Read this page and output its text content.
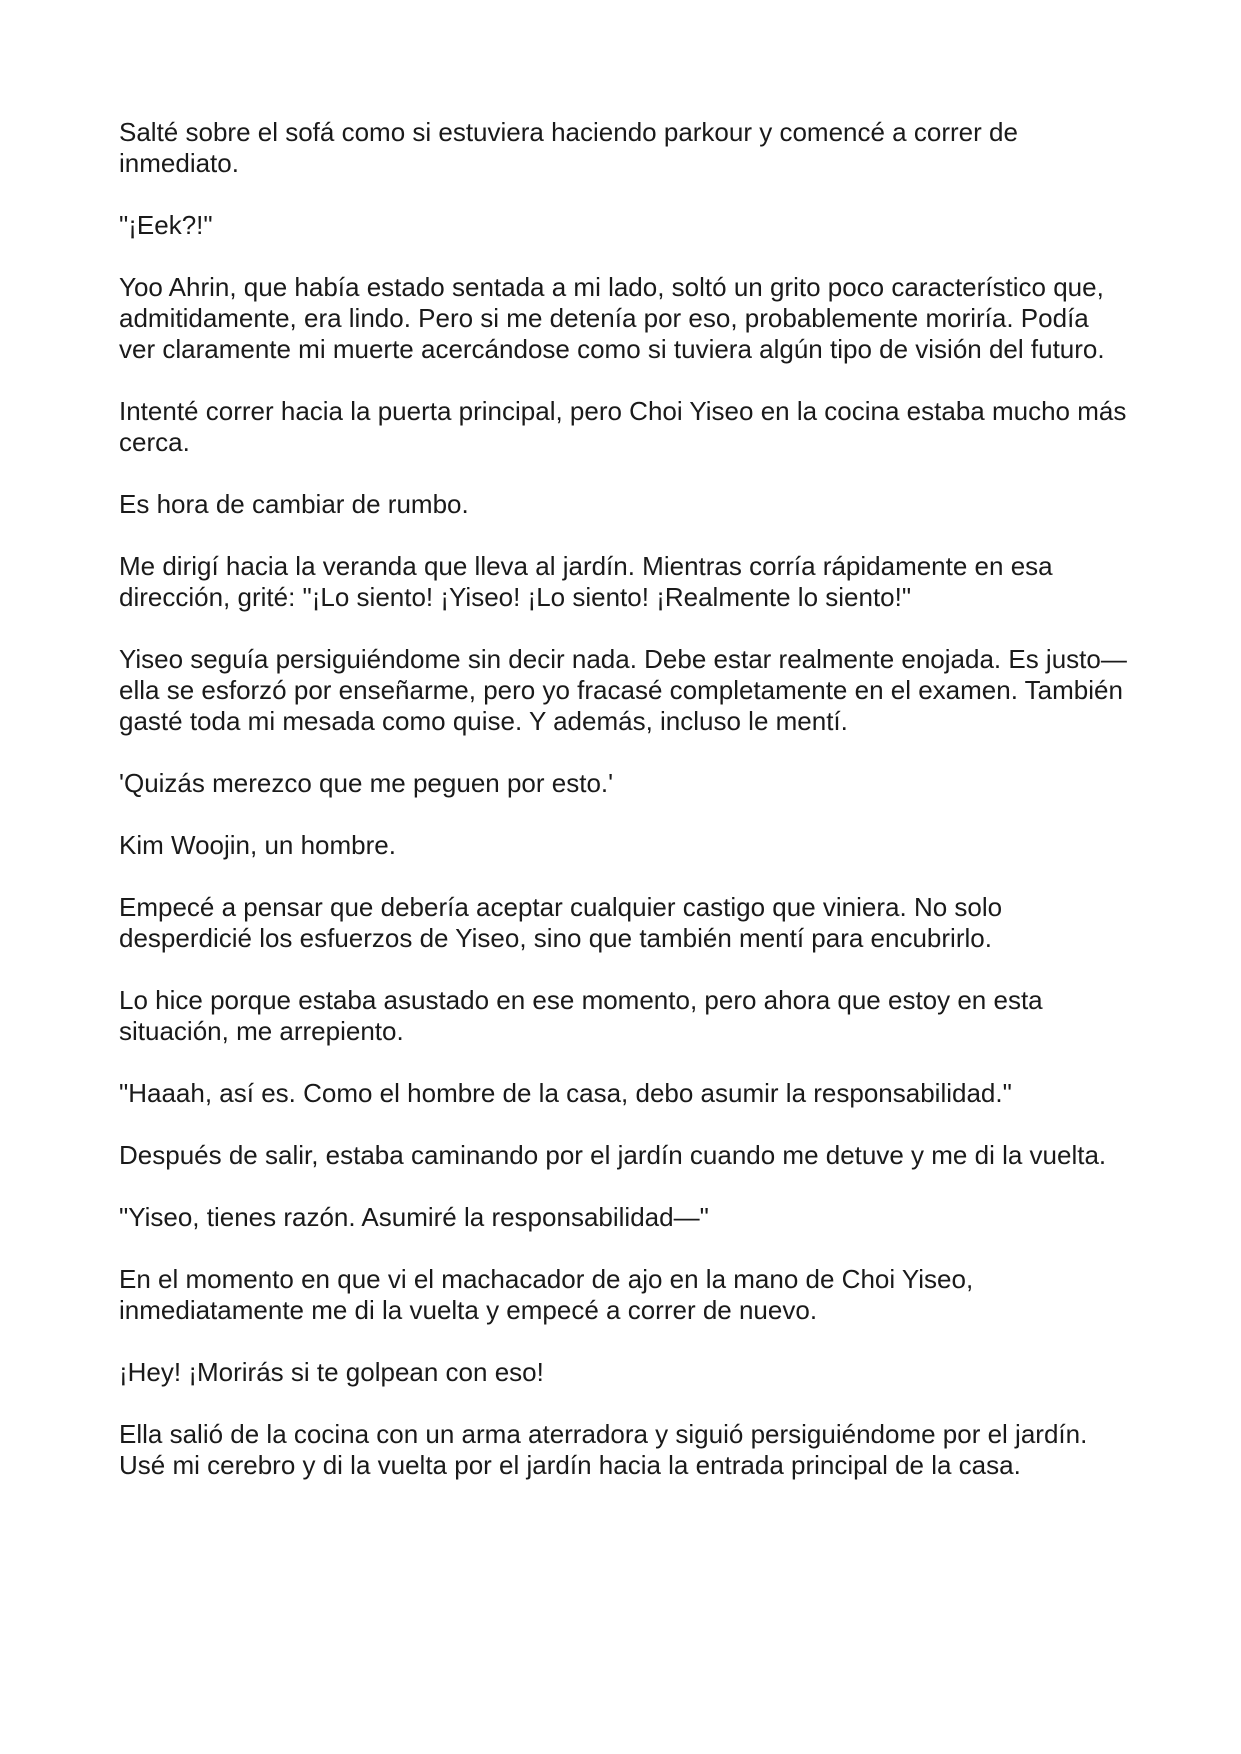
Salté sobre el sofá como si estuviera haciendo parkour y comencé a correr de inmediato.

"¡Eek?!"

Yoo Ahrin, que había estado sentada a mi lado, soltó un grito poco característico que, admitidamente, era lindo. Pero si me detenía por eso, probablemente moriría. Podía ver claramente mi muerte acercándose como si tuviera algún tipo de visión del futuro.

Intenté correr hacia la puerta principal, pero Choi Yiseo en la cocina estaba mucho más cerca.

Es hora de cambiar de rumbo.

Me dirigí hacia la veranda que lleva al jardín. Mientras corría rápidamente en esa dirección, grité: "¡Lo siento! ¡Yiseo! ¡Lo siento! ¡Realmente lo siento!"

Yiseo seguía persiguiéndome sin decir nada. Debe estar realmente enojada. Es justo—ella se esforzó por enseñarme, pero yo fracasé completamente en el examen. También gasté toda mi mesada como quise. Y además, incluso le mentí.

'Quizás merezco que me peguen por esto.'

Kim Woojin, un hombre.

Empecé a pensar que debería aceptar cualquier castigo que viniera. No solo desperdicié los esfuerzos de Yiseo, sino que también mentí para encubrirlo.

Lo hice porque estaba asustado en ese momento, pero ahora que estoy en esta situación, me arrepiento.

"Haaah, así es. Como el hombre de la casa, debo asumir la responsabilidad."

Después de salir, estaba caminando por el jardín cuando me detuve y me di la vuelta.

"Yiseo, tienes razón. Asumiré la responsabilidad—"

En el momento en que vi el machacador de ajo en la mano de Choi Yiseo, inmediatamente me di la vuelta y empecé a correr de nuevo.

¡Hey! ¡Morirás si te golpean con eso!

Ella salió de la cocina con un arma aterradora y siguió persiguiéndome por el jardín. Usé mi cerebro y di la vuelta por el jardín hacia la entrada principal de la casa.
